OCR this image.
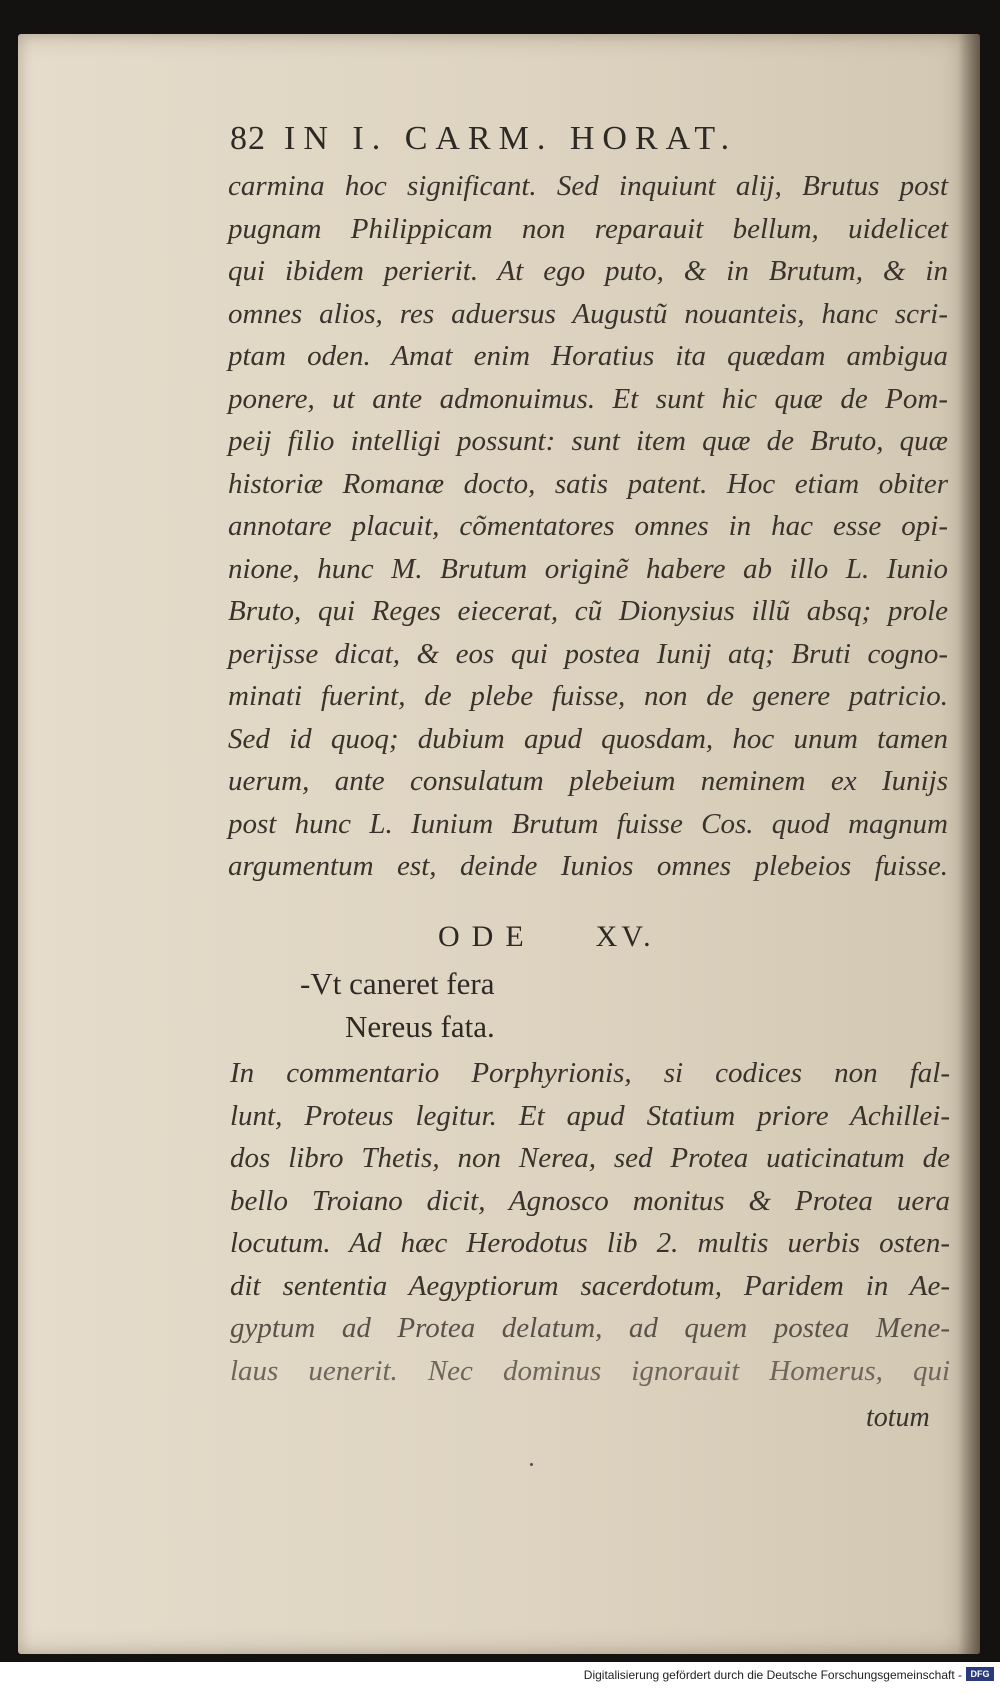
82 IN I. CARM. HORAT.
carmina hoc significant. Sed inquiunt alij, Brutus post
pugnam Philippicam non reparauit bellum, uidelicet
qui ibidem perierit. At ego puto, & in Brutum, & in
omnes alios, res aduersus Augustũ nouanteis, hanc scri-
ptam oden. Amat enim Horatius ita quædam ambigua
ponere, ut ante admonuimus. Et sunt hic quæ de Pom-
peij filio intelligi possunt: sunt item quæ de Bruto, quæ
historiæ Romanæ docto, satis patent. Hoc etiam obiter
annotare placuit, cõmentatores omnes in hac esse opi-
nione, hunc M. Brutum originẽ habere ab illo L. Iunio
Bruto, qui Reges eiecerat, cũ Dionysius illũ absq; prole
perijsse dicat, & eos qui postea Iunij atq; Bruti cogno-
minati fuerint, de plebe fuisse, non de genere patricio.
Sed id quoq; dubium apud quosdam, hoc unum tamen
uerum, ante consulatum plebeium neminem ex Iunijs
post hunc L. Iunium Brutum fuisse Cos. quod magnum
argumentum est, deinde Iunios omnes plebeios fuisse.
ODE XV.
-Vt caneret fera
Nereus fata.
In commentario Porphyrionis, si codices non fal-
lunt, Proteus legitur. Et apud Statium priore Achillei-
dos libro Thetis, non Nerea, sed Protea uaticinatum de
bello Troiano dicit, Agnosco monitus & Protea uera
locutum. Ad hæc Herodotus lib 2. multis uerbis osten-
dit sententia Aegyptiorum sacerdotum, Paridem in Ae-
gyptum ad Protea delatum, ad quem postea Mene-
laus uenerit. Nec dominus ignorauit Homerus, qui
totum
Digitalisierung gefördert durch die Deutsche Forschungsgemeinschaft - DFG
